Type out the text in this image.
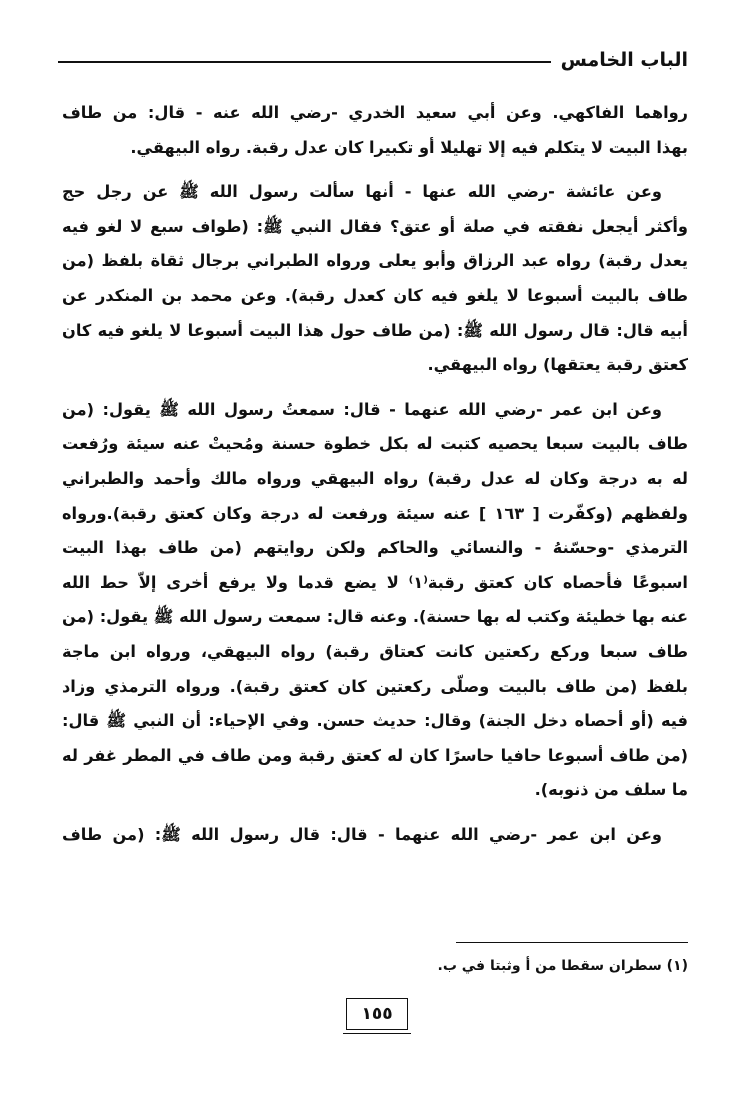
الباب الخامس
رواهما الفاكهي. وعن أبي سعيد الخدري -رضي الله عنه - قال: من طاف
بهذا البيت لا يتكلم فيه إلا تهليلا أو تكبيرا كان عدل رقبة. رواه البيهقي.
وعن عائشة -رضي الله عنها - أنها سألت رسول الله ﷺ عن رجل حج
وأكثر أيجعل نفقته في صلة أو عتق؟ فقال النبي ﷺ: (طواف سبع لا لغو فيه
يعدل رقبة) رواه عبد الرزاق وأبو يعلى ورواه الطبراني برجال ثقاة بلفظ (من
طاف بالبيت أسبوعا لا يلغو فيه كان كعدل رقبة). وعن محمد بن المنكدر عن
أبيه قال: قال رسول الله ﷺ: (من طاف حول هذا البيت أسبوعا لا يلغو فيه كان
كعتق رقبة يعتقها) رواه البيهقي.
وعن ابن عمر -رضي الله عنهما - قال: سمعتُ رسول الله ﷺ يقول: (من
طاف بالبيت سبعا يحصيه كتبت له بكل خطوة حسنة ومُحيتْ عنه سيئة ورُفعت
له به درجة وكان له عدل رقبة) رواه البيهقي ورواه مالك وأحمد والطبراني
ولفظهم (وكفّرت [ ١٦٣ ] عنه سيئة ورفعت له درجة وكان كعتق رقبة).ورواه
الترمذي -وحسّنهُ - والنسائي والحاكم ولكن روايتهم (من طاف بهذا البيت
اسبوعًا فأحصاه كان كعتق رقبة⁽١⁾ لا يضع قدما ولا يرفع أخرى إلاّ حط الله
عنه بها خطيئة وكتب له بها حسنة). وعنه قال: سمعت رسول الله ﷺ يقول: (من
طاف سبعا وركع ركعتين كانت كعتاق رقبة) رواه البيهقي، ورواه ابن ماجة
بلفظ (من طاف بالبيت وصلّى ركعتين كان كعتق رقبة). ورواه الترمذي وزاد
فيه (أو أحصاه دخل الجنة) وقال: حديث حسن. وفي الإحياء: أن النبي ﷺ قال:
(من طاف أسبوعا حافيا حاسرًا كان له كعتق رقبة ومن طاف في المطر غفر له
ما سلف من ذنوبه).
وعن ابن عمر -رضي الله عنهما - قال: قال رسول الله ﷺ: (من طاف
(١) سطران سقطا من أ وثبتا في ب.
١٥٥
